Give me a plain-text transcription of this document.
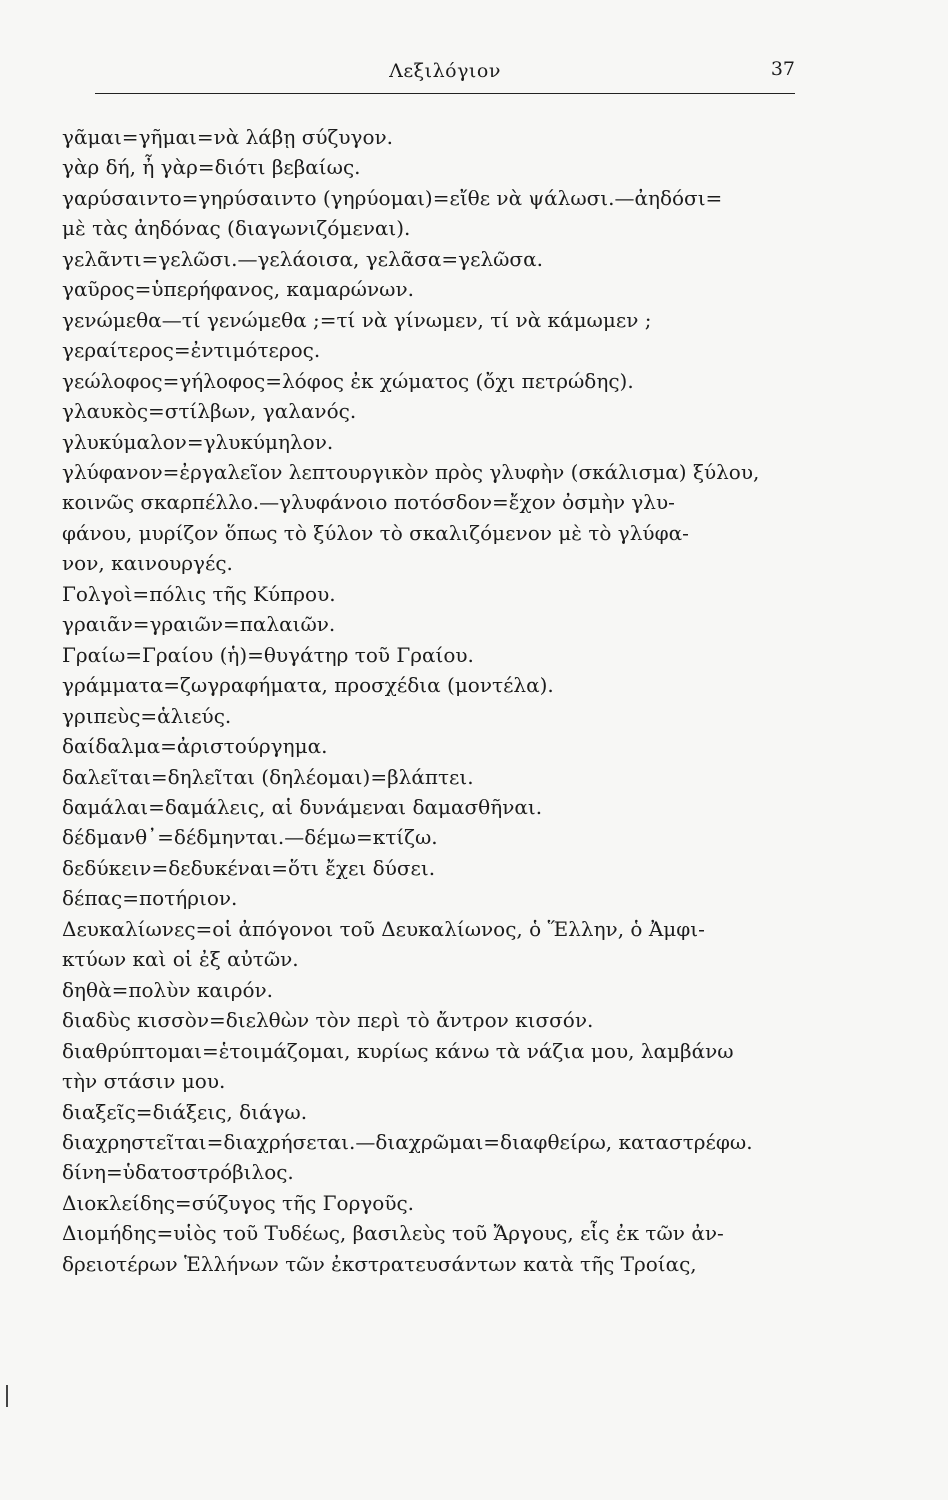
Λεξιλόγιον	37
γᾶμαι=γῆμαι=νὰ λάβῃ σύζυγον.
γὰρ δή, ἦ γὰρ=διότι βεβαίως.
γαρύσαιντο=γηρύσαιντο (γηρύομαι)=εἴθε νὰ ψάλωσι.—ἀηδόσι=
μὲ τὰς ἀηδόνας (διαγωνιζόμεναι).
γελᾶντι=γελῶσι.—γελάοισα, γελᾶσα=γελῶσα.
γαῦρος=ὑπερήφανος, καμαρώνων.
γενώμεθα—τί γενώμεθα ;=τί νὰ γίνωμεν, τί νὰ κάμωμεν ;
γεραίτερος=ἐντιμότερος.
γεώλοφος=γήλοφος=λόφος ἐκ χώματος (ὄχι πετρώδης).
γλαυκὸς=στίλβων, γαλανός.
γλυκύμαλον=γλυκύμηλον.
γλύφανον=ἐργαλεῖον λεπτουργικὸν πρὸς γλυφὴν (σκάλισμα) ξύλου,
κοινῶς σκαρπέλλο.—γλυφάνοιο ποτόσδον=ἔχον ὀσμὴν γλυ-
φάνου, μυρίζον ὅπως τὸ ξύλον τὸ σκαλιζόμενον μὲ τὸ γλύφα-
νον, καινουργές.
Γολγοὶ=πόλις τῆς Κύπρου.
γραιᾶν=γραιῶν=παλαιῶν.
Γραίω=Γραίου (ἡ)=θυγάτηρ τοῦ Γραίου.
γράμματα=ζωγραφήματα, προσχέδια (μοντέλα).
γριπεὺς=ἁλιεύς.
δαίδαλμα=ἀριστούργημα.
δαλεῖται=δηλεῖται (δηλέομαι)=βλάπτει.
δαμάλαι=δαμάλεις, αἱ δυνάμεναι δαμασθῆναι.
δέδμανθ᾽=δέδμηνται.—δέμω=κτίζω.
δεδύκειν=δεδυκέναι=ὅτι ἔχει δύσει.
δέπας=ποτήριον.
Δευκαλίωνες=οἱ ἀπόγονοι τοῦ Δευκαλίωνος, ὁ Ἕλλην, ὁ Ἀμφι-
κτύων καὶ οἱ ἐξ αὐτῶν.
δηθὰ=πολὺν καιρόν.
διαδὺς κισσὸν=διελθὼν τὸν περὶ τὸ ἄντρον κισσόν.
διαθρύπτομαι=ἑτοιμάζομαι, κυρίως κάνω τὰ νάζια μου, λαμβάνω
τὴν στάσιν μου.
διαξεῖς=διάξεις, διάγω.
διαχρηστεῖται=διαχρήσεται.—διαχρῶμαι=διαφθείρω, καταστρέφω.
δίνη=ὑδατοστρόβιλος.
Διοκλείδης=σύζυγος τῆς Γοργοῦς.
Διομήδης=υἱὸς τοῦ Τυδέως, βασιλεὺς τοῦ Ἄργους, εἷς ἐκ τῶν ἀν-
δρειοτέρων Ἑλλήνων τῶν ἐκστρατευσάντων κατὰ τῆς Τροίας,
